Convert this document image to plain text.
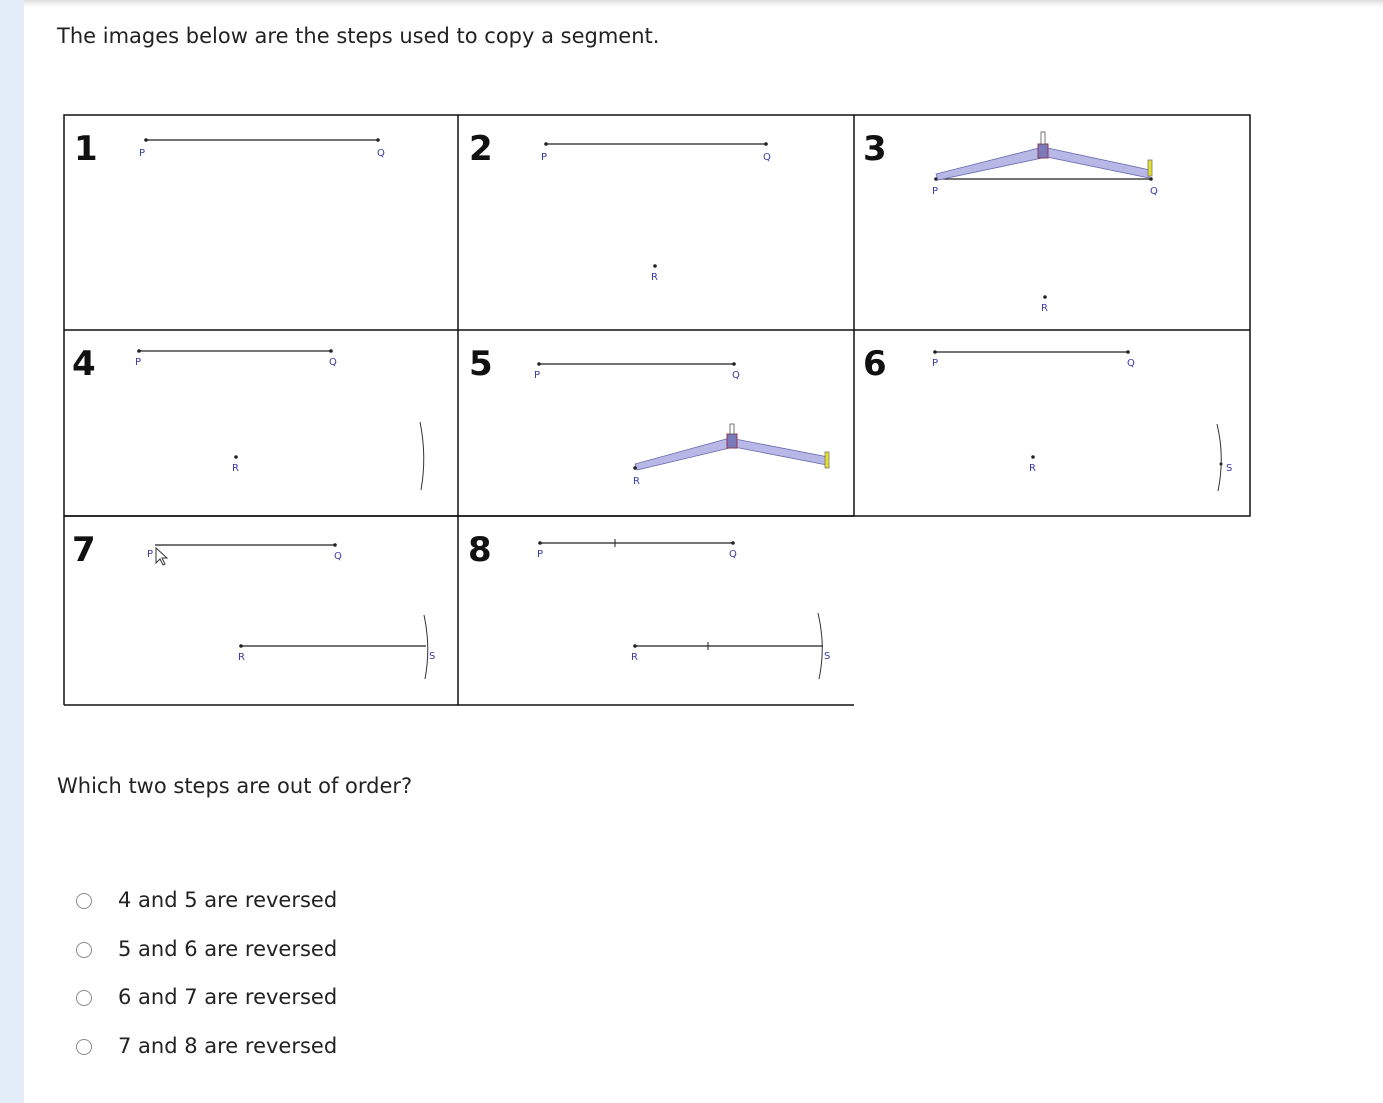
The images below are the steps used to copy a segment.

1	P	Q 2	P	Q
R
3
P	Q
R
4	P	Q
R
5	P	Q
R
6	P	Q
R	S
7	P	Q
R	S
8	P	Q
R	S

Which two steps are out of order?

4 and 5 are reversed
5 and 6 are reversed
6 and 7 are reversed
7 and 8 are reversed
